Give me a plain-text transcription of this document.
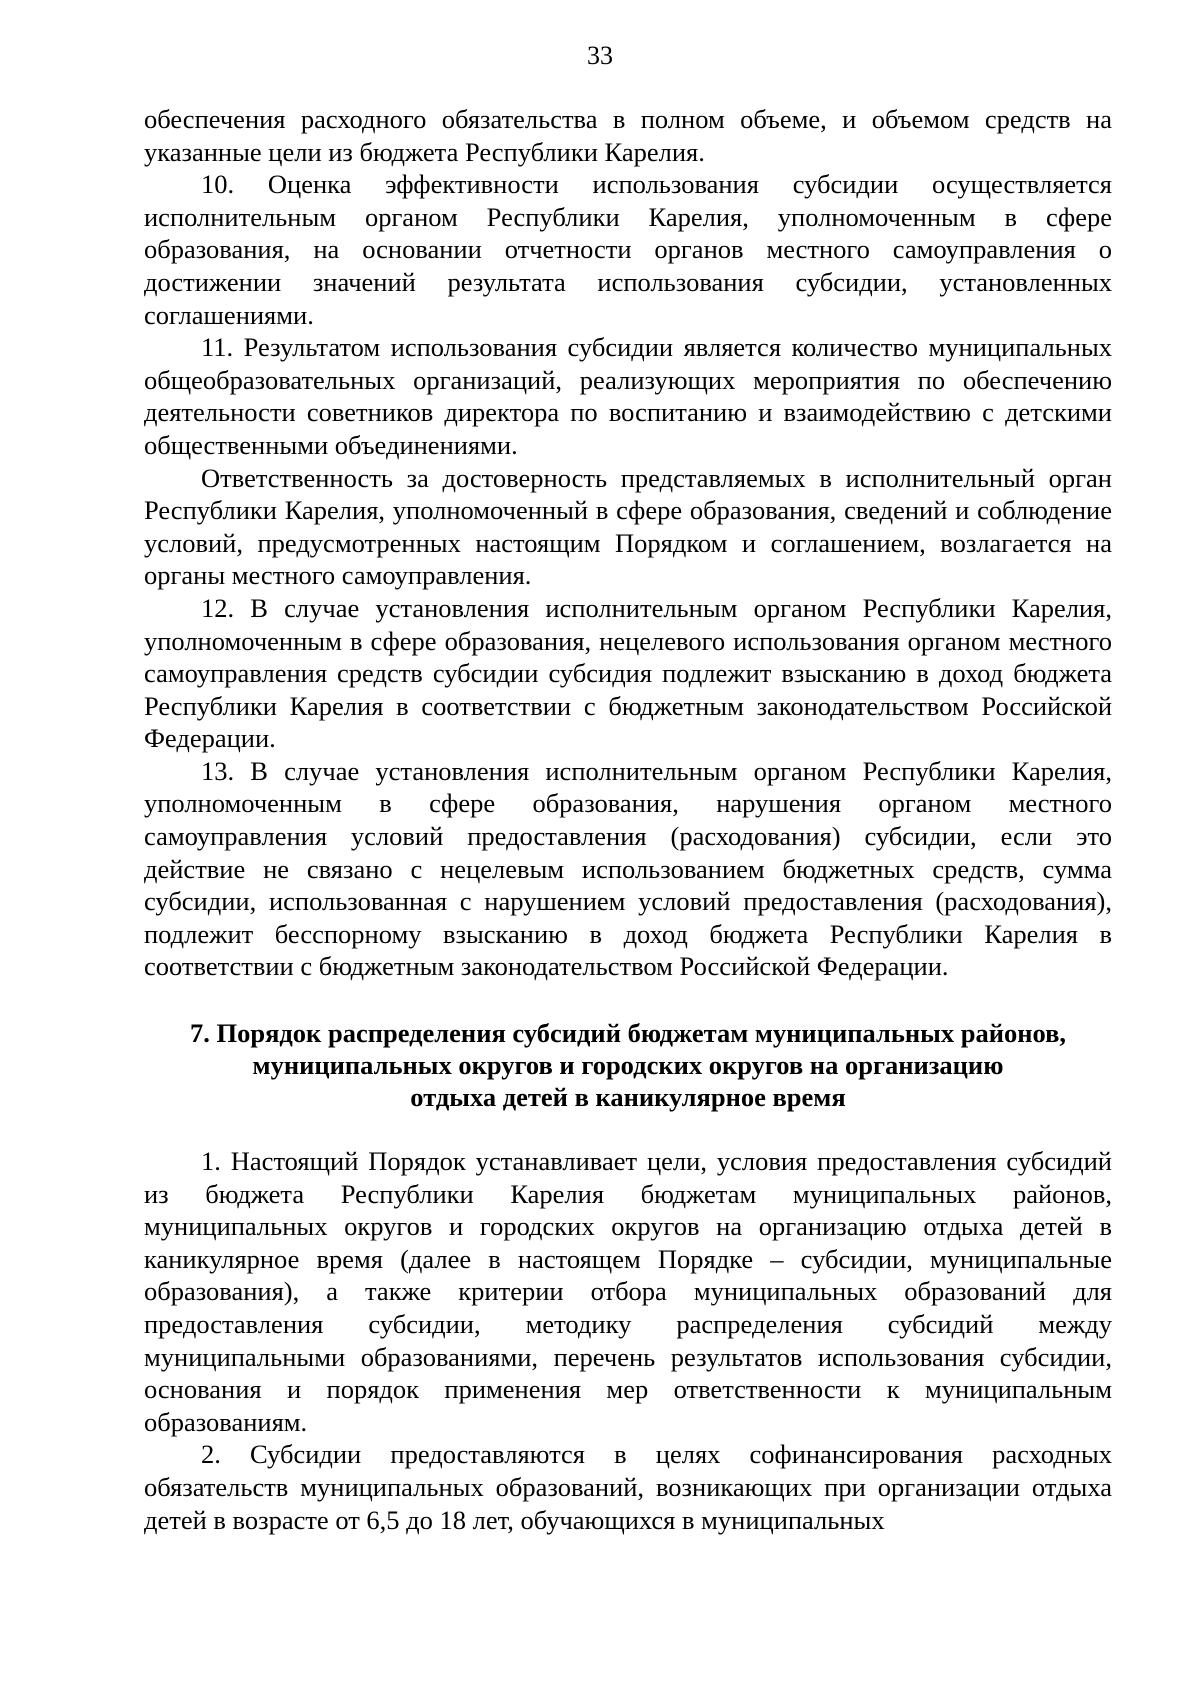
33

обеспечения расходного обязательства в полном объеме, и объемом средств на указанные цели из бюджета Республики Карелия.

10. Оценка эффективности использования субсидии осуществляется исполнительным органом Республики Карелия, уполномоченным в сфере образования, на основании отчетности органов местного самоуправления о достижении значений результата использования субсидии, установленных соглашениями.

11. Результатом использования субсидии является количество муниципальных общеобразовательных организаций, реализующих мероприятия по обеспечению деятельности советников директора по воспитанию и взаимодействию с детскими общественными объединениями.

Ответственность за достоверность представляемых в исполнительный орган Республики Карелия, уполномоченный в сфере образования, сведений и соблюдение условий, предусмотренных настоящим Порядком и соглашением, возлагается на органы местного самоуправления.

12. В случае установления исполнительным органом Республики Карелия, уполномоченным в сфере образования, нецелевого использования органом местного самоуправления средств субсидии субсидия подлежит взысканию в доход бюджета Республики Карелия в соответствии с бюджетным законодательством Российской Федерации.

13. В случае установления исполнительным органом Республики Карелия, уполномоченным в сфере образования, нарушения органом местного самоуправления условий предоставления (расходования) субсидии, если это действие не связано с нецелевым использованием бюджетных средств, сумма субсидии, использованная с нарушением условий предоставления (расходования), подлежит бесспорному взысканию в доход бюджета Республики Карелия в соответствии с бюджетным законодательством Российской Федерации.

7. Порядок распределения субсидий бюджетам муниципальных районов,
муниципальных округов и городских округов на организацию
отдыха детей в каникулярное время

1. Настоящий Порядок устанавливает цели, условия предоставления субсидий из бюджета Республики Карелия бюджетам муниципальных районов, муниципальных округов и городских округов на организацию отдыха детей в каникулярное время (далее в настоящем Порядке – субсидии, муниципальные образования), а также критерии отбора муниципальных образований для предоставления субсидии, методику распределения субсидий между муниципальными образованиями, перечень результатов использования субсидии, основания и порядок применения мер ответственности к муниципальным образованиям.

2. Субсидии предоставляются в целях софинансирования расходных обязательств муниципальных образований, возникающих при организации отдыха детей в возрасте от 6,5 до 18 лет, обучающихся в муниципальных
